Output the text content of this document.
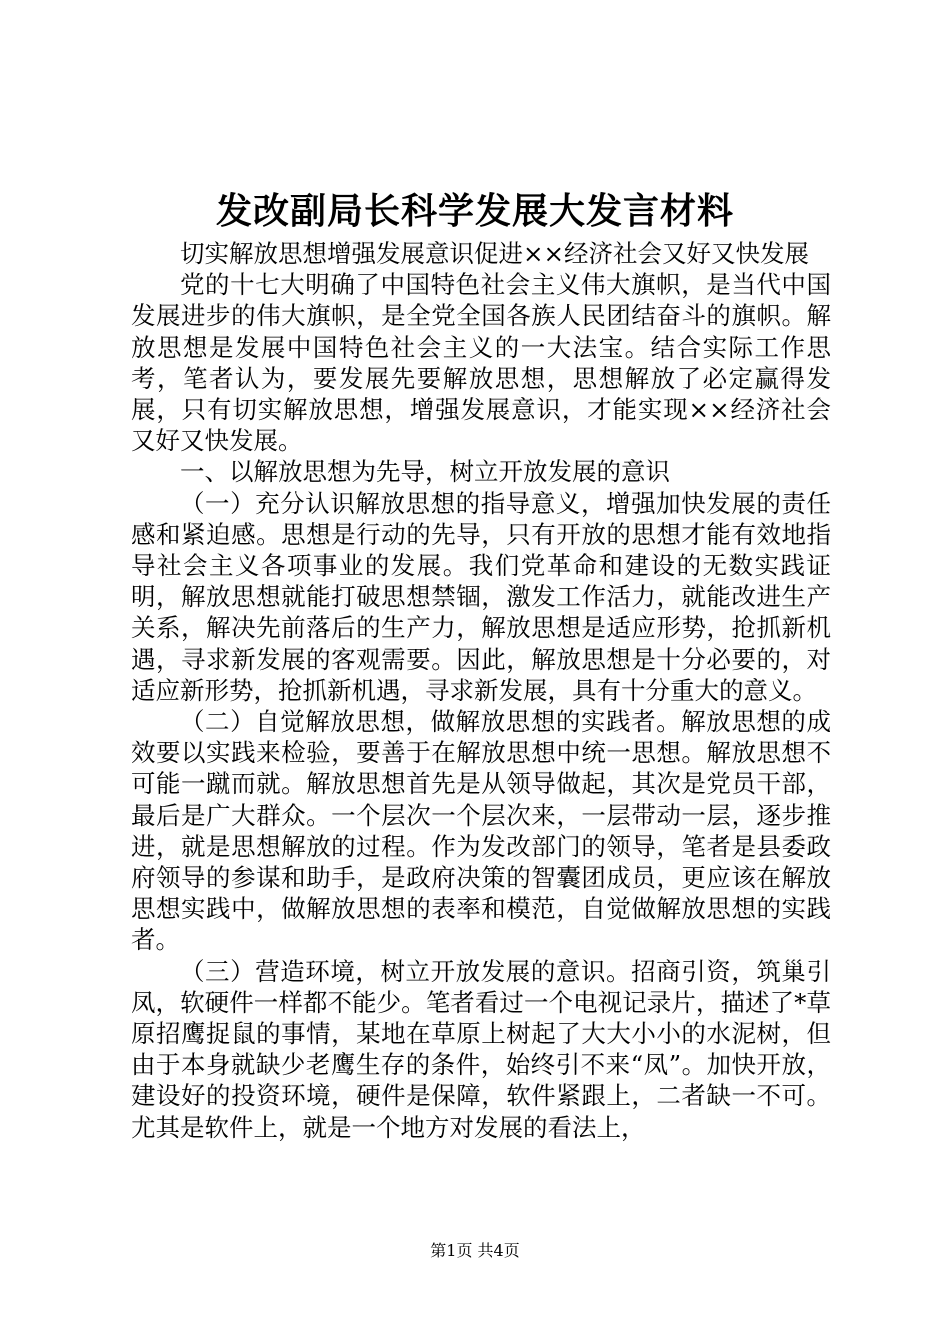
发改副局长科学发展大发言材料

切实解放思想增强发展意识促进××经济社会又好又快发展

党的十七大明确了中国特色社会主义伟大旗帜，是当代中国发展进步的伟大旗帜，是全党全国各族人民团结奋斗的旗帜。解放思想是发展中国特色社会主义的一大法宝。结合实际工作思考，笔者认为，要发展先要解放思想，思想解放了必定赢得发展，只有切实解放思想，增强发展意识，才能实现××经济社会又好又快发展。

一、以解放思想为先导，树立开放发展的意识

（一）充分认识解放思想的指导意义，增强加快发展的责任感和紧迫感。思想是行动的先导，只有开放的思想才能有效地指导社会主义各项事业的发展。我们党革命和建设的无数实践证明，解放思想就能打破思想禁锢，激发工作活力，就能改进生产关系，解决先前落后的生产力，解放思想是适应形势，抢抓新机遇，寻求新发展的客观需要。因此，解放思想是十分必要的，对适应新形势，抢抓新机遇，寻求新发展，具有十分重大的意义。

（二）自觉解放思想，做解放思想的实践者。解放思想的成效要以实践来检验，要善于在解放思想中统一思想。解放思想不可能一蹴而就。解放思想首先是从领导做起，其次是党员干部，最后是广大群众。一个层次一个层次来，一层带动一层，逐步推进，就是思想解放的过程。作为发改部门的领导，笔者是县委政府领导的参谋和助手，是政府决策的智囊团成员，更应该在解放思想实践中，做解放思想的表率和模范，自觉做解放思想的实践者。

（三）营造环境，树立开放发展的意识。招商引资，筑巢引凤，软硬件一样都不能少。笔者看过一个电视记录片，描述了*草原招鹰捉鼠的事情，某地在草原上树起了大大小小的水泥树，但由于本身就缺少老鹰生存的条件，始终引不来“凤”。加快开放，建设好的投资环境，硬件是保障，软件紧跟上，二者缺一不可。尤其是软件上，就是一个地方对发展的看法上，

第1页 共4页
